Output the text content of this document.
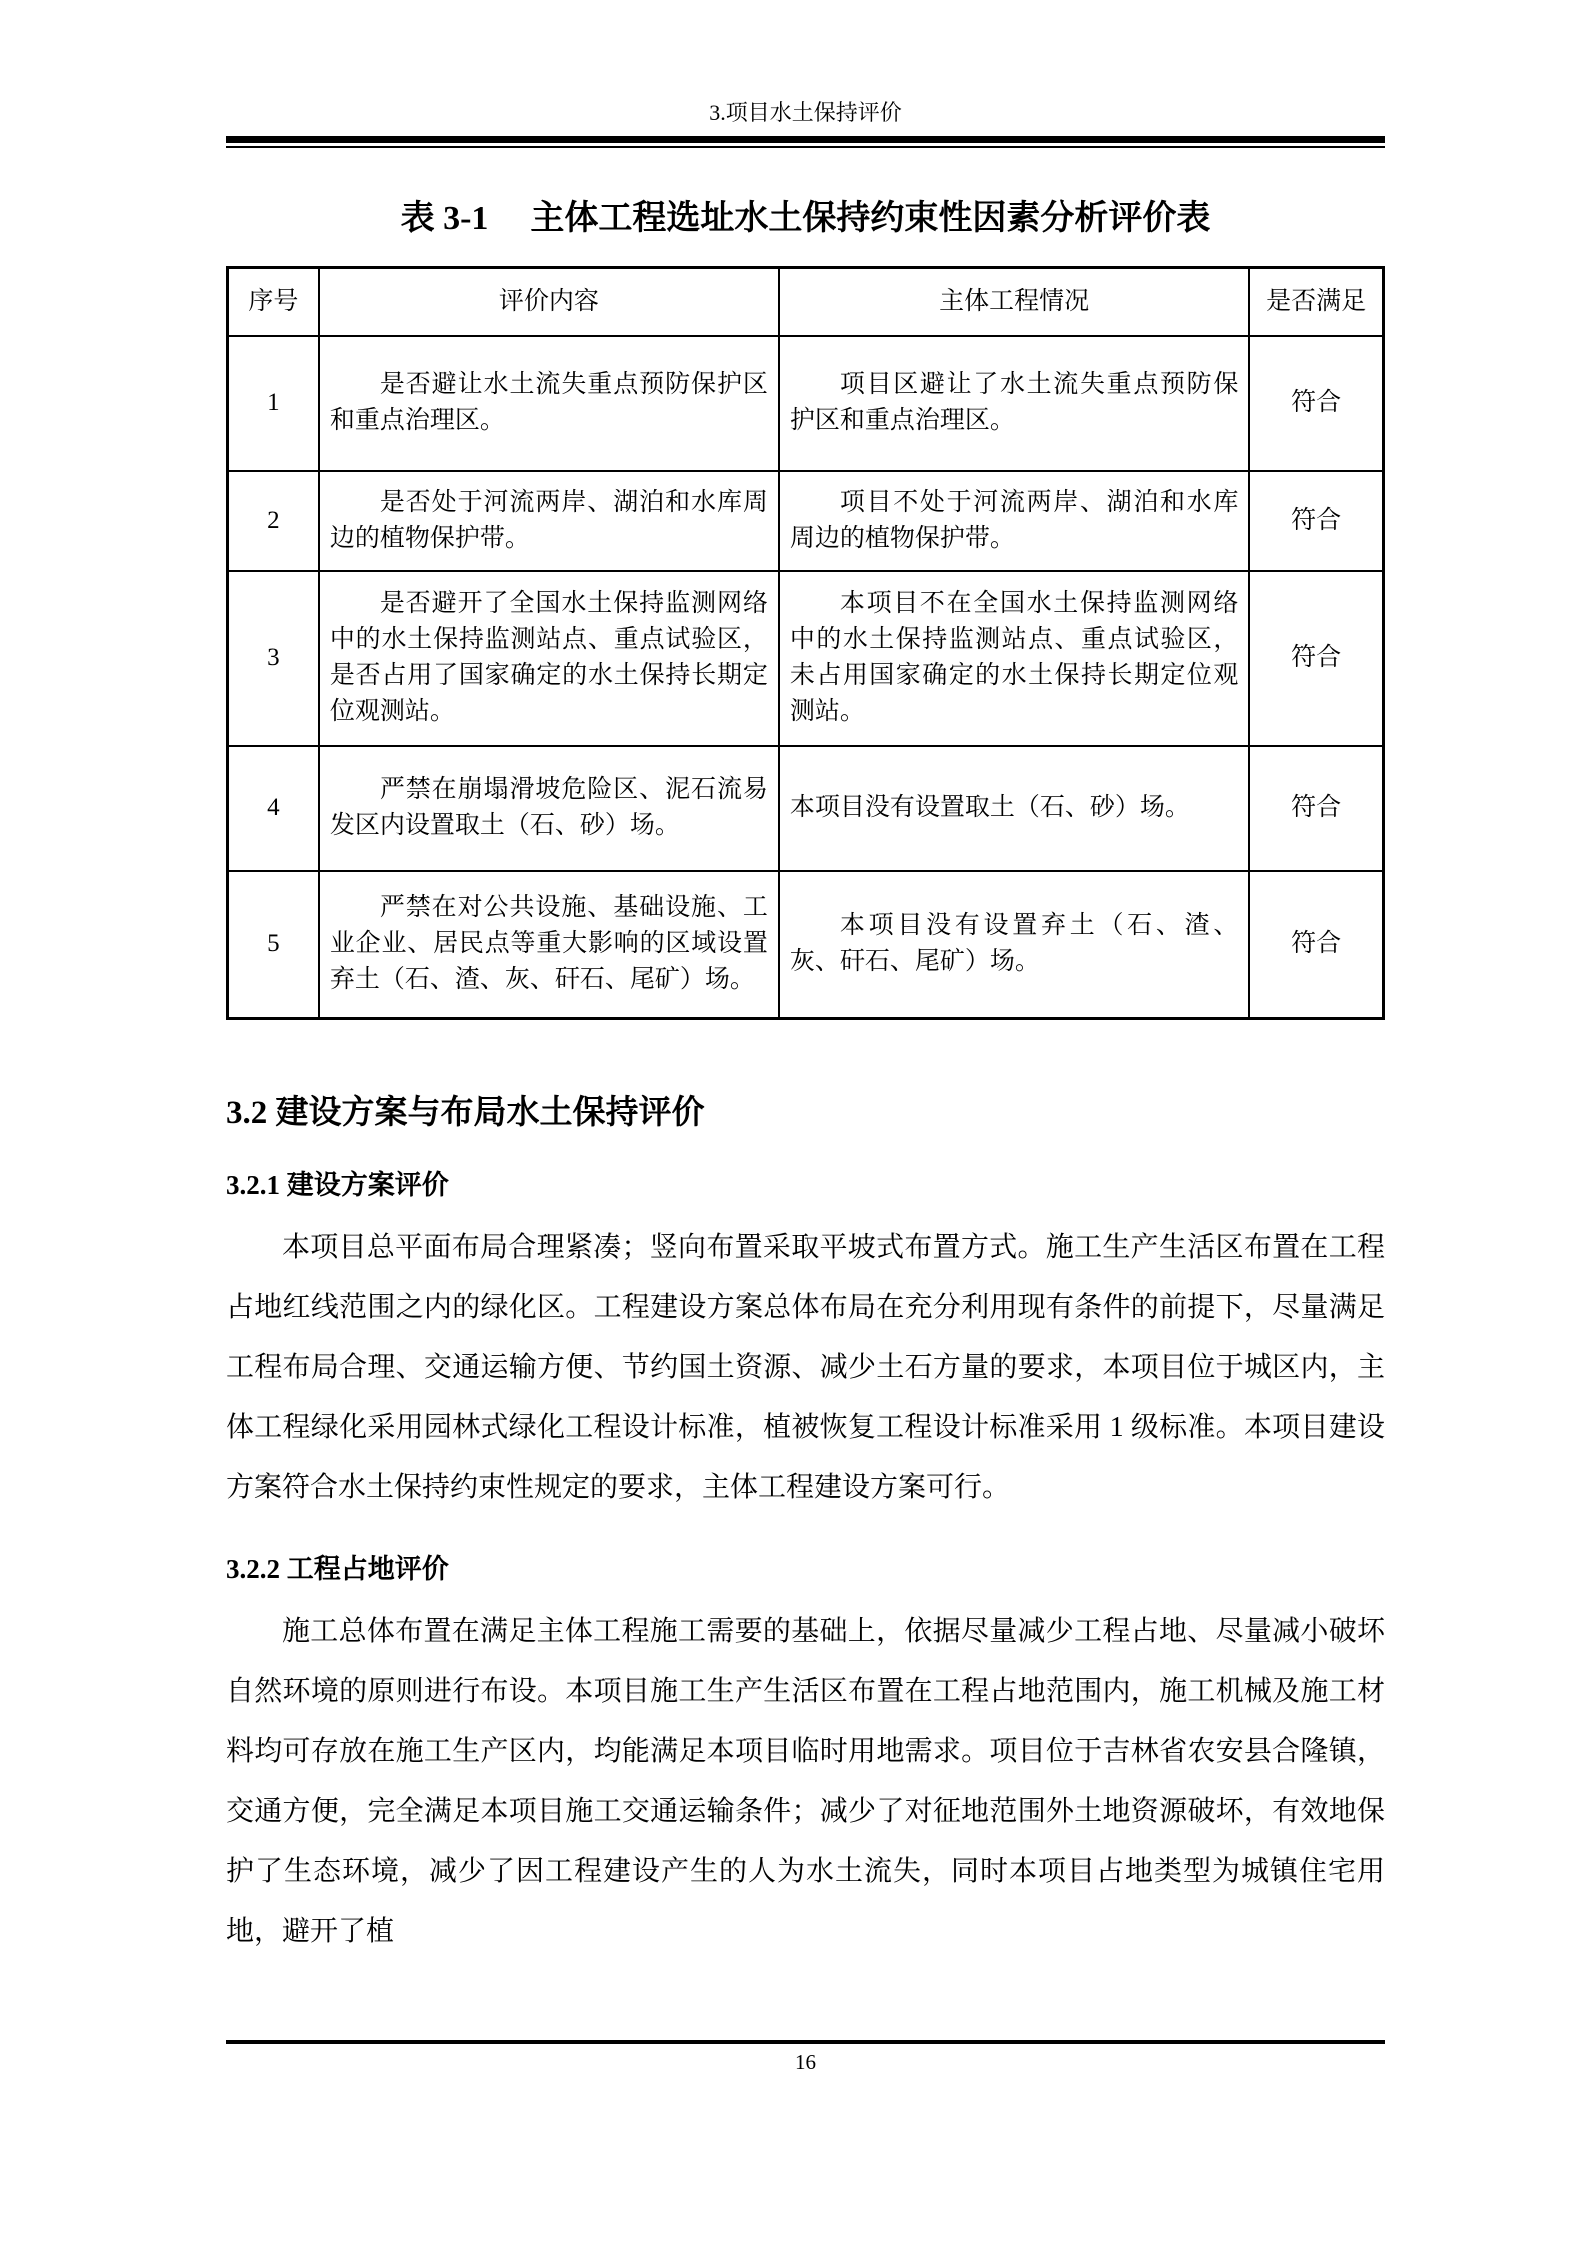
3.项目水土保持评价
表 3-1 主体工程选址水土保持约束性因素分析评价表
序号	评价内容	主体工程情况	是否满足
1	是否避让水土流失重点预防保护区和重点治理区。	项目区避让了水土流失重点预防保护区和重点治理区。	符合
2	是否处于河流两岸、湖泊和水库周边的植物保护带。	项目不处于河流两岸、湖泊和水库周边的植物保护带。	符合
3	是否避开了全国水土保持监测网络中的水土保持监测站点、重点试验区，是否占用了国家确定的水土保持长期定位观测站。	本项目不在全国水土保持监测网络中的水土保持监测站点、重点试验区，未占用国家确定的水土保持长期定位观测站。	符合
4	严禁在崩塌滑坡危险区、泥石流易发区内设置取土（石、砂）场。	本项目没有设置取土（石、砂）场。	符合
5	严禁在对公共设施、基础设施、工业企业、居民点等重大影响的区域设置弃土（石、渣、灰、矸石、尾矿）场。	本项目没有设置弃土（石、渣、灰、矸石、尾矿）场。	符合
3.2 建设方案与布局水土保持评价
3.2.1 建设方案评价

本项目总平面布局合理紧凑；竖向布置采取平坡式布置方式。施工生产生活区布置在工程占地红线范围之内的绿化区。工程建设方案总体布局在充分利用现有条件的前提下，尽量满足工程布局合理、交通运输方便、节约国土资源、减少土石方量的要求，本项目位于城区内，主体工程绿化采用园林式绿化工程设计标准，植被恢复工程设计标准采用 1 级标准。本项目建设方案符合水土保持约束性规定的要求，主体工程建设方案可行。

3.2.2 工程占地评价

施工总体布置在满足主体工程施工需要的基础上，依据尽量减少工程占地、尽量减小破坏自然环境的原则进行布设。本项目施工生产生活区布置在工程占地范围内，施工机械及施工材料均可存放在施工生产区内，均能满足本项目临时用地需求。项目位于吉林省农安县合隆镇，交通方便，完全满足本项目施工交通运输条件；减少了对征地范围外土地资源破坏，有效地保护了生态环境，减少了因工程建设产生的人为水土流失，同时本项目占地类型为城镇住宅用地，避开了植

16
